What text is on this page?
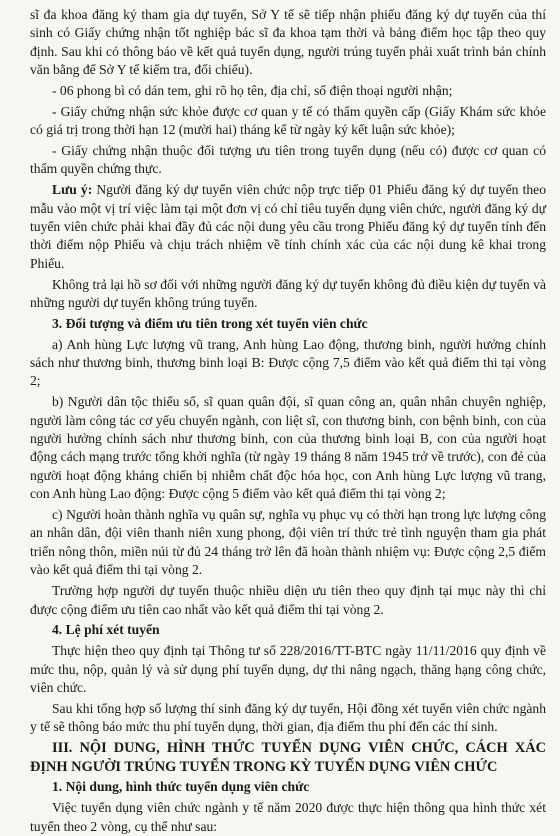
sĩ đa khoa đăng ký tham gia dự tuyển, Sở Y tế sẽ tiếp nhận phiếu đăng ký dự tuyển của thí sinh có Giấy chứng nhận tốt nghiệp bác sĩ đa khoa tạm thời và bảng điểm học tập theo quy định. Sau khi có thông báo về kết quả tuyển dụng, người trúng tuyển phải xuất trình bản chính văn bằng để Sở Y tế kiểm tra, đối chiếu).

- 06 phong bì có dán tem, ghi rõ họ tên, địa chỉ, số điện thoại người nhận;

- Giấy chứng nhận sức khỏe được cơ quan y tế có thẩm quyền cấp (Giấy Khám sức khỏe có giá trị trong thời hạn 12 (mười hai) tháng kể từ ngày ký kết luận sức khỏe);

- Giấy chứng nhận thuộc đối tượng ưu tiên trong tuyển dụng (nếu có) được cơ quan có thẩm quyền chứng thực.

Lưu ý: Người đăng ký dự tuyển viên chức nộp trực tiếp 01 Phiếu đăng ký dự tuyển theo mẫu vào một vị trí việc làm tại một đơn vị có chỉ tiêu tuyển dụng viên chức, người đăng ký dự tuyển viên chức phải khai đầy đủ các nội dung yêu cầu trong Phiếu đăng ký dự tuyển tính đến thời điểm nộp Phiếu và chịu trách nhiệm về tính chính xác của các nội dung kê khai trong Phiếu.

Không trả lại hồ sơ đối với những người đăng ký dự tuyển không đủ điều kiện dự tuyển và những người dự tuyển không trúng tuyển.

3. Đối tượng và điểm ưu tiên trong xét tuyển viên chức

a) Anh hùng Lực lượng vũ trang, Anh hùng Lao động, thương binh, người hưởng chính sách như thương binh, thương binh loại B: Được cộng 7,5 điểm vào kết quả điểm thi tại vòng 2;

b) Người dân tộc thiểu số, sĩ quan quân đội, sĩ quan công an, quân nhân chuyên nghiệp, người làm công tác cơ yếu chuyển ngành, con liệt sĩ, con thương binh, con bệnh binh, con của người hưởng chính sách như thương binh, con của thương binh loại B, con của người hoạt động cách mạng trước tổng khởi nghĩa (từ ngày 19 tháng 8 năm 1945 trở về trước), con đẻ của người hoạt động kháng chiến bị nhiễm chất độc hóa học, con Anh hùng Lực lượng vũ trang, con Anh hùng Lao động: Được cộng 5 điểm vào kết quả điểm thi tại vòng 2;

c) Người hoàn thành nghĩa vụ quân sự, nghĩa vụ phục vụ có thời hạn trong lực lượng công an nhân dân, đội viên thanh niên xung phong, đội viên trí thức trẻ tình nguyện tham gia phát triển nông thôn, miền núi từ đủ 24 tháng trở lên đã hoàn thành nhiệm vụ: Được cộng 2,5 điểm vào kết quả điểm thi tại vòng 2.

Trường hợp người dự tuyển thuộc nhiều diện ưu tiên theo quy định tại mục này thì chỉ được cộng điểm ưu tiên cao nhất vào kết quả điểm thi tại vòng 2.

4. Lệ phí xét tuyển

Thực hiện theo quy định tại Thông tư số 228/2016/TT-BTC ngày 11/11/2016 quy định về mức thu, nộp, quản lý và sử dụng phí tuyển dụng, dự thi nâng ngạch, thăng hạng công chức, viên chức.

Sau khi tổng hợp số lượng thí sinh đăng ký dự tuyển, Hội đồng xét tuyển viên chức ngành y tế sẽ thông báo mức thu phí tuyển dụng, thời gian, địa điểm thu phí đến các thí sinh.

III. NỘI DUNG, HÌNH THỨC TUYỂN DỤNG VIÊN CHỨC, CÁCH XÁC ĐỊNH NGƯỜI TRÚNG TUYỂN TRONG KỲ TUYỂN DỤNG VIÊN CHỨC

1. Nội dung, hình thức tuyển dụng viên chức

Việc tuyển dụng viên chức ngành y tế năm 2020 được thực hiện thông qua hình thức xét tuyển theo 2 vòng, cụ thể như sau:
